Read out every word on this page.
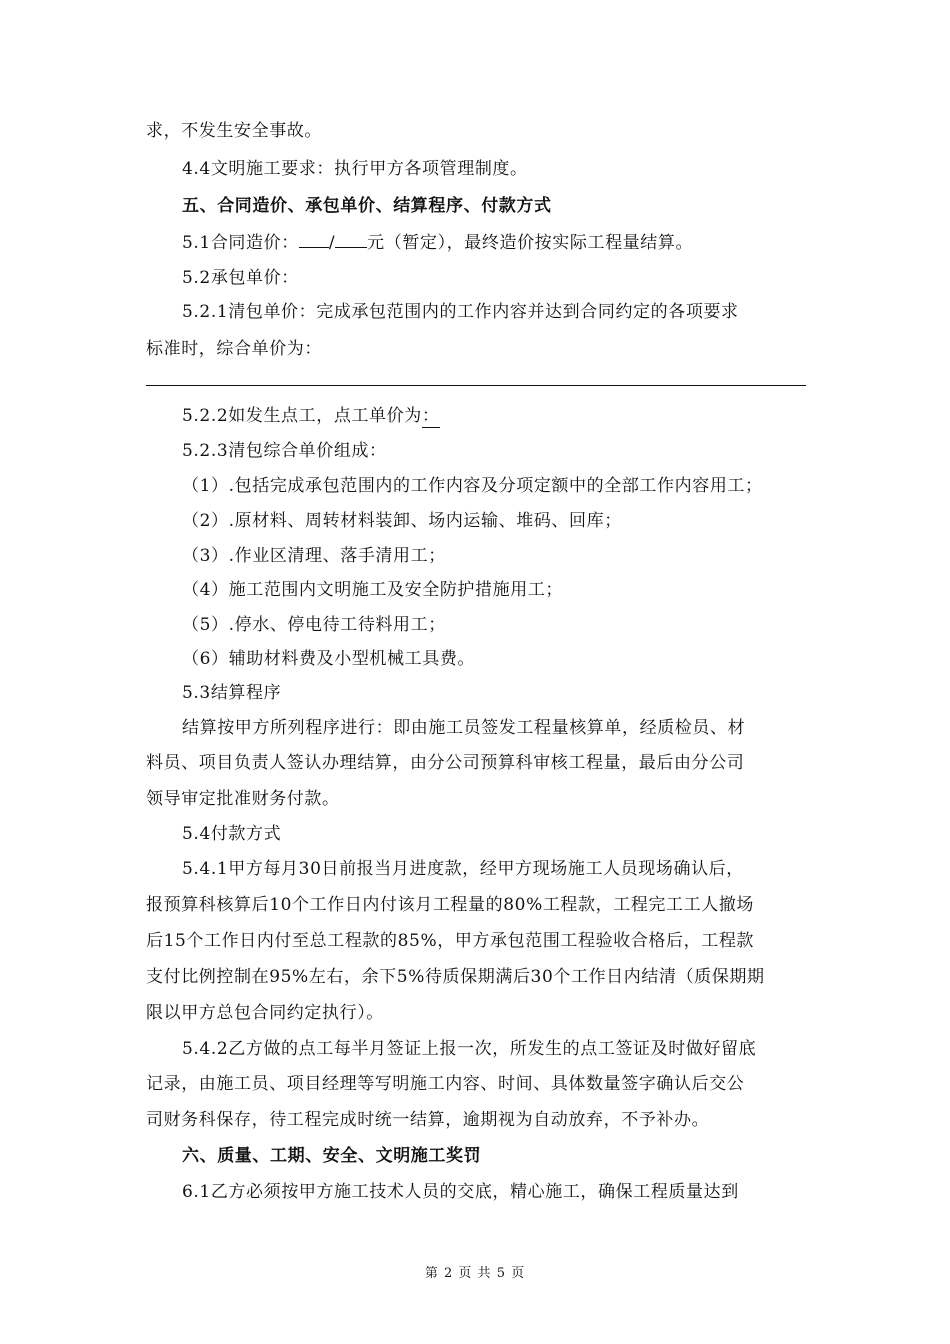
求，不发生安全事故。
4.4文明施工要求：执行甲方各项管理制度。
五、合同造价、承包单价、结算程序、付款方式
5.1合同造价： / 元（暂定），最终造价按实际工程量结算。
5.2承包单价：
5.2.1清包单价：完成承包范围内的工作内容并达到合同约定的各项要求
标准时，综合单价为：
5.2.2如发生点工，点工单价为：
5.2.3清包综合单价组成：
（1）.包括完成承包范围内的工作内容及分项定额中的全部工作内容用工；
（2）.原材料、周转材料装卸、场内运输、堆码、回库；
（3）.作业区清理、落手清用工；
（4）施工范围内文明施工及安全防护措施用工；
（5）.停水、停电待工待料用工；
（6）辅助材料费及小型机械工具费。
5.3结算程序
结算按甲方所列程序进行：即由施工员签发工程量核算单，经质检员、材
料员、项目负责人签认办理结算，由分公司预算科审核工程量，最后由分公司
领导审定批准财务付款。
5.4付款方式
5.4.1甲方每月30日前报当月进度款，经甲方现场施工人员现场确认后，
报预算科核算后10个工作日内付该月工程量的80%工程款，工程完工工人撤场
后15个工作日内付至总工程款的85%，甲方承包范围工程验收合格后，工程款
支付比例控制在95%左右，余下5%待质保期满后30个工作日内结清（质保期期
限以甲方总包合同约定执行）。
5.4.2乙方做的点工每半月签证上报一次，所发生的点工签证及时做好留底
记录，由施工员、项目经理等写明施工内容、时间、具体数量签字确认后交公
司财务科保存，待工程完成时统一结算，逾期视为自动放弃，不予补办。
六、质量、工期、安全、文明施工奖罚
6.1乙方必须按甲方施工技术人员的交底，精心施工，确保工程质量达到
第 2 页 共 5 页
